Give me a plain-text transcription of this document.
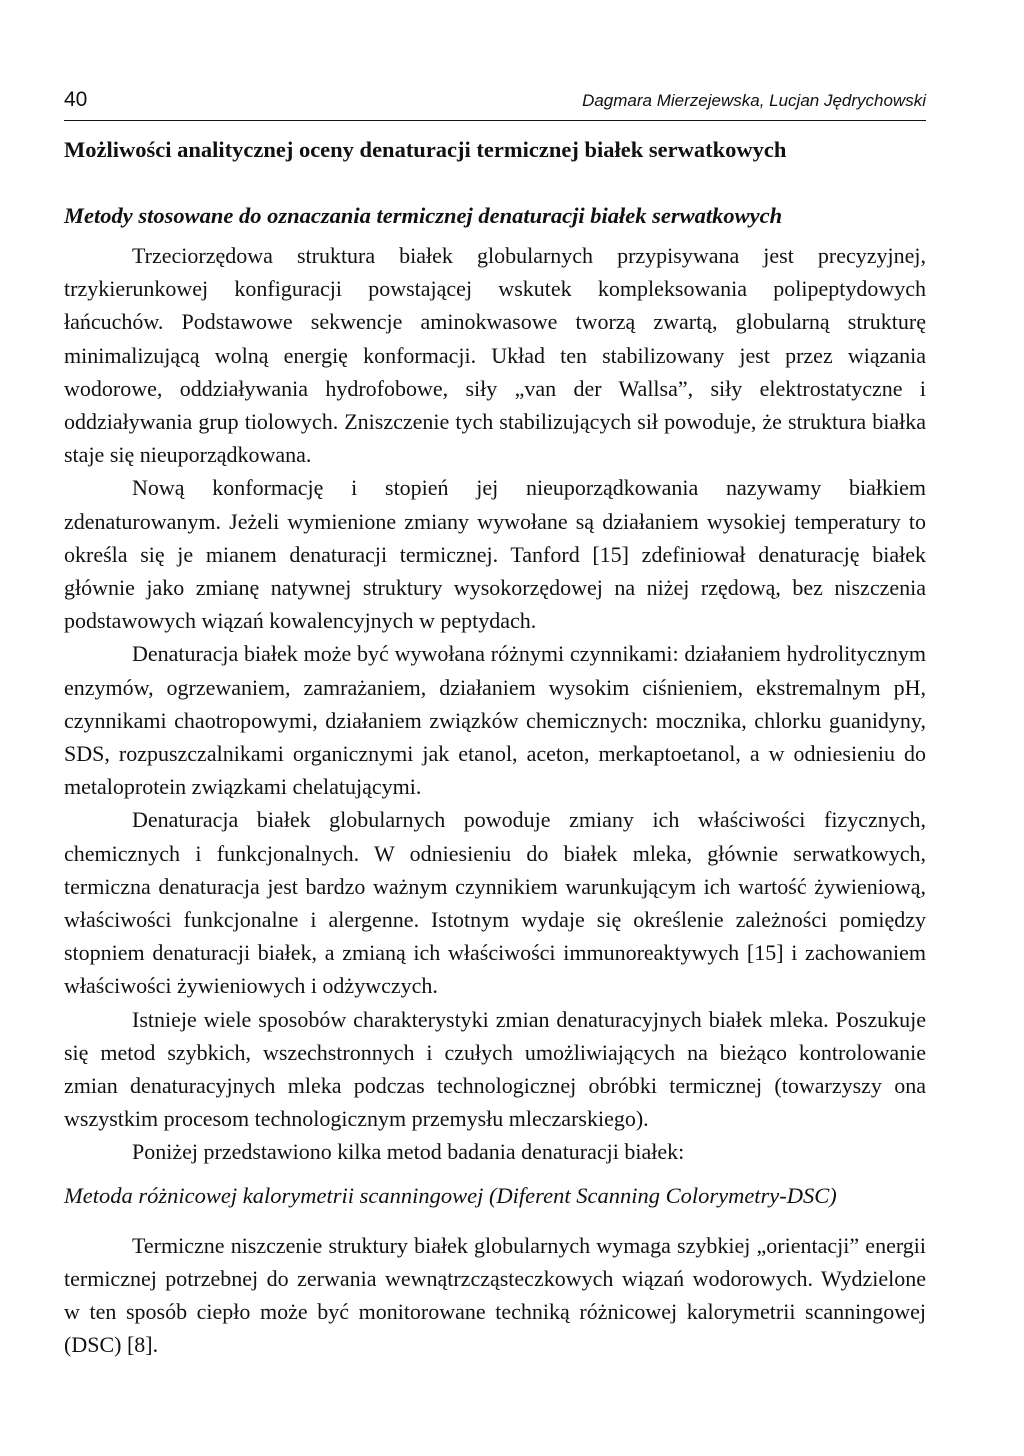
40	Dagmara Mierzejewska, Lucjan Jędrychowski
Możliwości analitycznej oceny denaturacji termicznej białek serwatkowych
Metody stosowane do oznaczania termicznej denaturacji białek serwatkowych

Trzeciorzędowa struktura białek globularnych przypisywana jest precyzyjnej, trzykierunkowej konfiguracji powstającej wskutek kompleksowania polipeptydowych łańcuchów. Podstawowe sekwencje aminokwasowe tworzą zwartą, globularną strukturę minimalizującą wolną energię konformacji. Układ ten stabilizowany jest przez wiązania wodorowe, oddziaływania hydrofobowe, siły „van der Wallsa”, siły elektrostatyczne i oddziaływania grup tiolowych. Zniszczenie tych stabilizujących sił powoduje, że struktura białka staje się nieuporządkowana.

Nową konformację i stopień jej nieuporządkowania nazywamy białkiem zdenaturowanym. Jeżeli wymienione zmiany wywołane są działaniem wysokiej temperatury to określa się je mianem denaturacji termicznej. Tanford [15] zdefiniował denaturację białek głównie jako zmianę natywnej struktury wysokorzędowej na niżej rzędową, bez niszczenia podstawowych wiązań kowalencyjnych w peptydach.

Denaturacja białek może być wywołana różnymi czynnikami: działaniem hydrolitycznym enzymów, ogrzewaniem, zamrażaniem, działaniem wysokim ciśnieniem, ekstremalnym pH, czynnikami chaotropowymi, działaniem związków chemicznych: mocznika, chlorku guanidyny, SDS, rozpuszczalnikami organicznymi jak etanol, aceton, merkaptoetanol, a w odniesieniu do metaloprotein związkami chelatującymi.

Denaturacja białek globularnych powoduje zmiany ich właściwości fizycznych, chemicznych i funkcjonalnych. W odniesieniu do białek mleka, głównie serwatkowych, termiczna denaturacja jest bardzo ważnym czynnikiem warunkującym ich wartość żywieniową, właściwości funkcjonalne i alergenne. Istotnym wydaje się określenie zależności pomiędzy stopniem denaturacji białek, a zmianą ich właściwości immunoreaktywych [15] i zachowaniem właściwości żywieniowych i odżywczych.

Istnieje wiele sposobów charakterystyki zmian denaturacyjnych białek mleka. Poszukuje się metod szybkich, wszechstronnych i czułych umożliwiających na bieżąco kontrolowanie zmian denaturacyjnych mleka podczas technologicznej obróbki termicznej (towarzyszy ona wszystkim procesom technologicznym przemysłu mleczarskiego).

Poniżej przedstawiono kilka metod badania denaturacji białek:

Metoda różnicowej kalorymetrii scanningowej (Diferent Scanning Colorymetry-DSC)

Termiczne niszczenie struktury białek globularnych wymaga szybkiej „orientacji” energii termicznej potrzebnej do zerwania wewnątrzcząsteczkowych wiązań wodorowych. Wydzielone w ten sposób ciepło może być monitorowane techniką różnicowej kalorymetrii scanningowej (DSC) [8].
